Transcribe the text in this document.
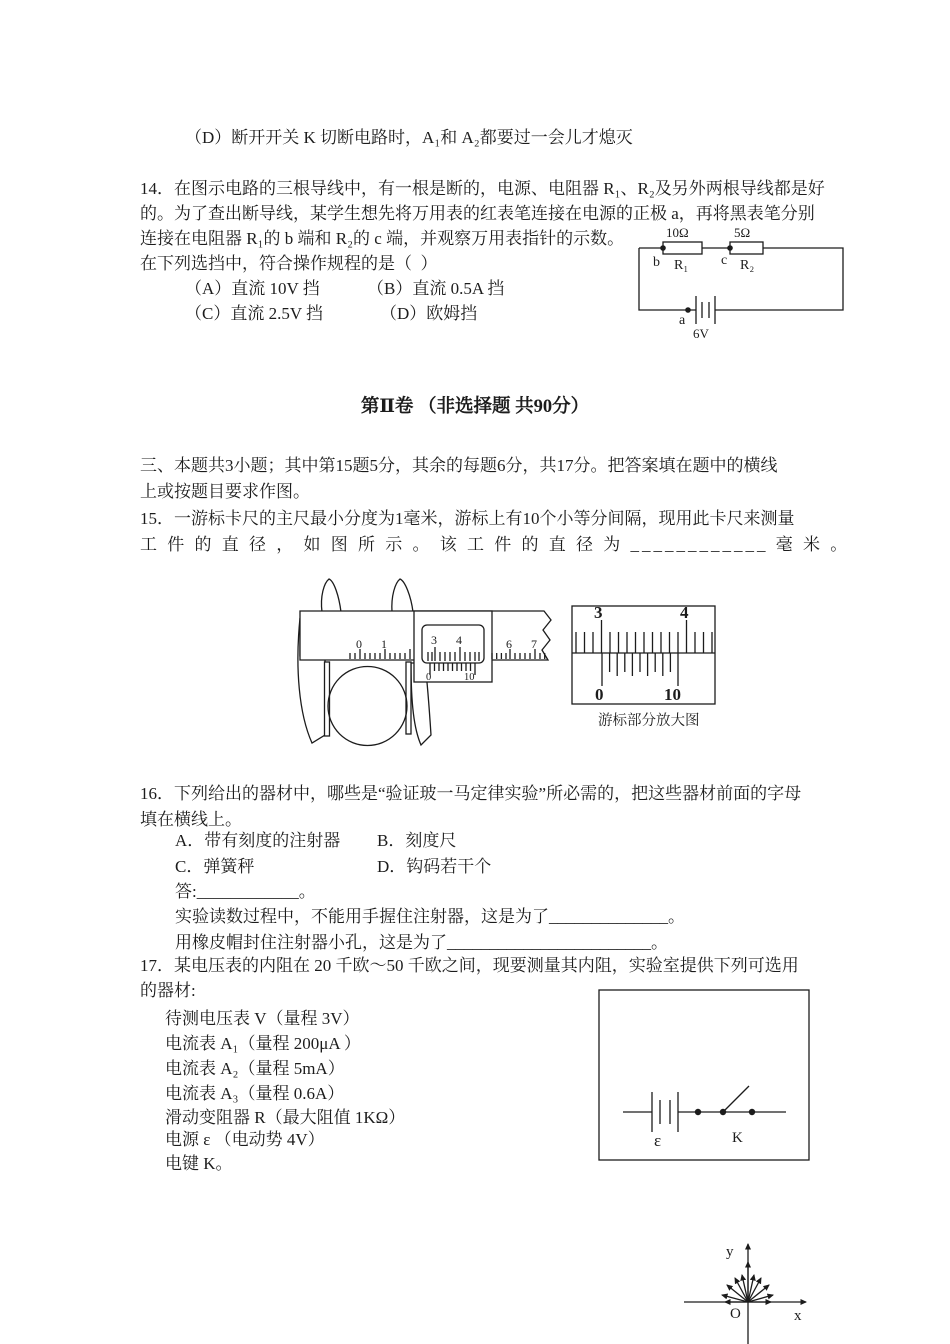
（D）断开开关 K 切断电路时，A₁和 A₂都要过一会儿才熄灭
14．在图示电路的三根导线中，有一根是断的，电源、电阻器 R₁、R₂及另外两根导线都是好
的。为了查出断导线，某学生想先将万用表的红表笔连接在电源的正极 a，再将黑表笔分别
连接在电阻器 R₁的 b 端和 R₂的 c 端，并观察万用表指针的示数。
在下列选挡中，符合操作规程的是（  ）
（A）直流 10V 挡	（B）直流 0.5A 挡
（C）直流 2.5V 挡	（D）欧姆挡
10Ω	5Ω
b R₁ c R₂
a
6V
第Ⅱ卷 （非选择题 共90分）
三、本题共3小题；其中第15题5分，其余的每题6分，共17分。把答案填在题中的横线
上或按题目要求作图。
15．一游标卡尺的主尺最小分度为1毫米，游标上有10个小等分间隔，现用此卡尺来测量
工 件 的 直 径 ， 如 图 所 示 。 该 工 件 的 直 径 为 ____________ 毫 米 。
0 1	3 4
0	10
6 7
3	4
0	10
游标部分放大图
16．下列给出的器材中，哪些是“验证玻一马定律实验”所必需的，把这些器材前面的字母
填在横线上。
A．带有刻度的注射器 B．刻度尺
C．弹簧秤	D．钩码若干个
答:____________。
实验读数过程中，不能用手握住注射器，这是为了______________。
用橡皮帽封住注射器小孔，这是为了________________________。
17．某电压表的内阻在 20 千欧～50 千欧之间，现要测量其内阻，实验室提供下列可选用
的器材:
待测电压表 V（量程 3V）
电流表 A₁（量程 200μA ）
电流表 A₂（量程 5mA）
电流表 A₃（量程 0.6A）
滑动变阻器 R（最大阻值 1KΩ）
电源 ε （电动势 4V）
电键 K。
ε	K
y
x
O
